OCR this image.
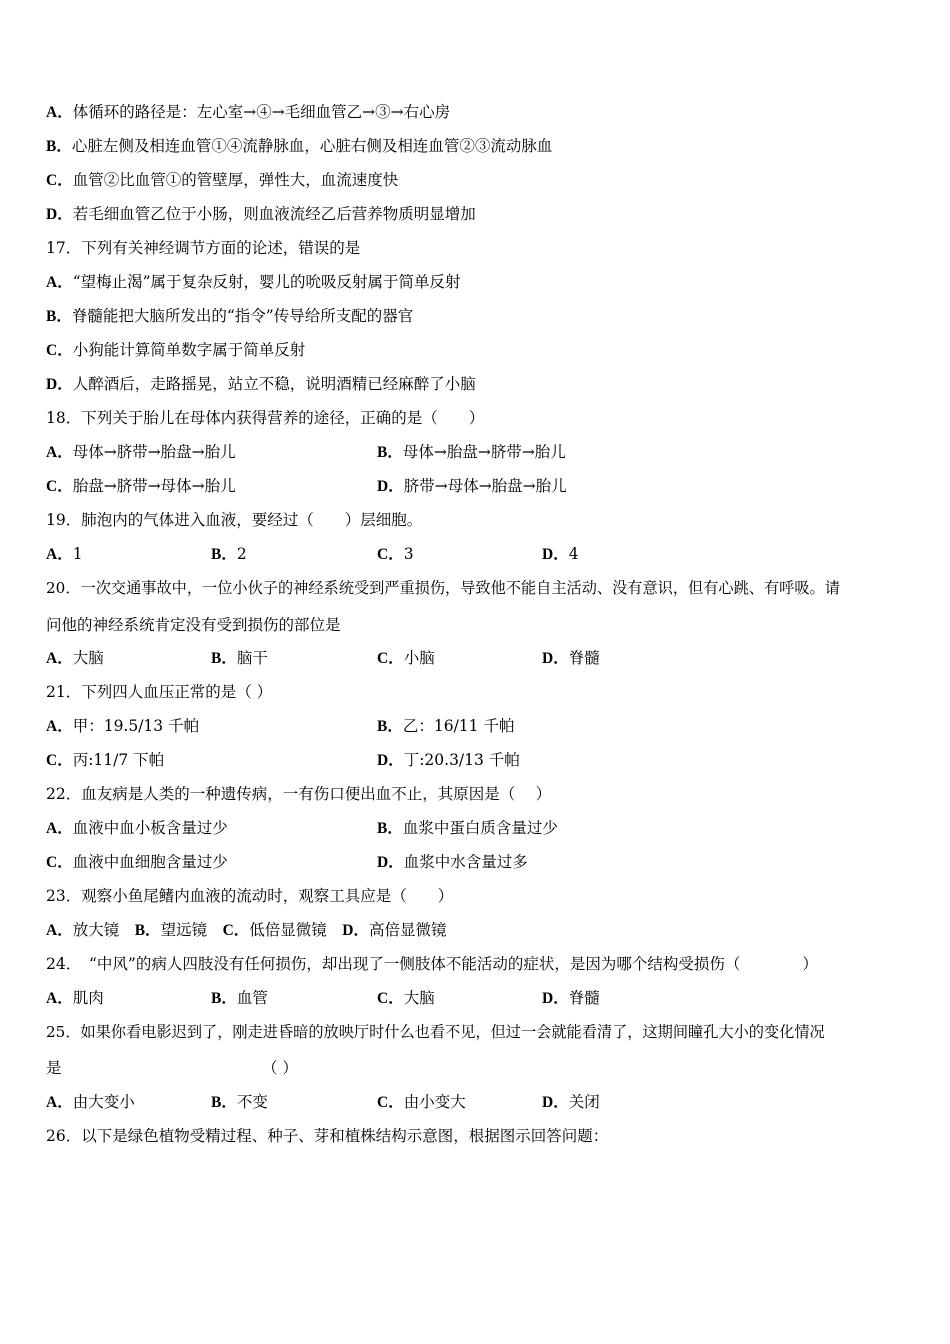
A．体循环的路径是：左心室→④→毛细血管乙→③→右心房
B．心脏左侧及相连血管①④流静脉血，心脏右侧及相连血管②③流动脉血
C．血管②比血管①的管壁厚，弹性大，血流速度快
D．若毛细血管乙位于小肠，则血液流经乙后营养物质明显增加
17．下列有关神经调节方面的论述，错误的是
A．“望梅止渴”属于复杂反射，婴儿的吮吸反射属于简单反射
B．脊髓能把大脑所发出的“指令”传导给所支配的器官
C．小狗能计算简单数字属于简单反射
D．人醉酒后，走路摇晃，站立不稳，说明酒精已经麻醉了小脑
18．下列关于胎儿在母体内获得营养的途径，正确的是（　　）
A．母体→脐带→胎盘→胎儿	B．母体→胎盘→脐带→胎儿
C．胎盘→脐带→母体→胎儿	D．脐带→母体→胎盘→胎儿
19．肺泡内的气体进入血液，要经过（　　）层细胞。
A．1	B．2	C．3	D．4
20．一次交通事故中，一位小伙子的神经系统受到严重损伤，导致他不能自主活动、没有意识，但有心跳、有呼吸。请
问他的神经系统肯定没有受到损伤的部位是
A．大脑	B．脑干	C．小脑	D．脊髓
21．下列四人血压正常的是（ ）
A．甲：19.5/13 千帕	B．乙：16/11 千帕
C．丙:11/7 下帕	D．丁:20.3/13 千帕
22．血友病是人类的一种遗传病，一有伤口便出血不止，其原因是（　 ）
A．血液中血小板含量过少	B．血浆中蛋白质含量过少
C．血液中血细胞含量过少	D．血浆中水含量过多
23．观察小鱼尾鳍内血液的流动时，观察工具应是（　　）
A．放大镜　B．望远镜　C．低倍显微镜　D．高倍显微镜
24．　“中风”的病人四肢没有任何损伤，却出现了一侧肢体不能活动的症状，是因为哪个结构受损伤（　　　　）
A．肌肉	B．血管	C．大脑	D．脊髓
25．如果你看电影迟到了，刚走进昏暗的放映厅时什么也看不见，但过一会就能看清了，这期间瞳孔大小的变化情况
是	（ ）
A．由大变小	B．不变	C．由小变大	D．关闭
26．以下是绿色植物受精过程、种子、芽和植株结构示意图，根据图示回答问题：
